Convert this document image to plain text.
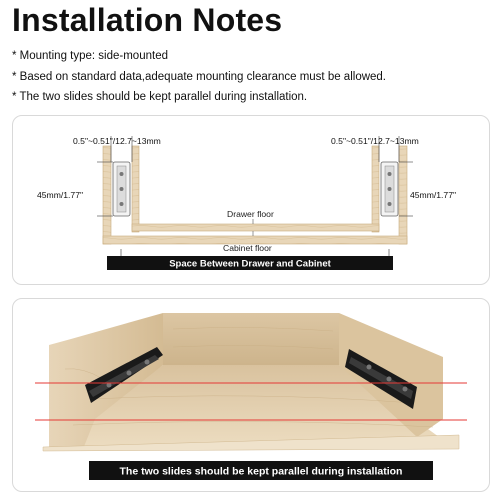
Installation Notes
* Mounting type: side-mounted
* Based on standard data,adequate mounting clearance must be allowed.
* The two slides should be kept parallel during installation.
0.5"~0.51"/12.7~13mm	0.5"~0.51"/12.7~13mm
45mm/1.77"	45mm/1.77"
Drawer floor
Cabinet floor
Space Between Drawer and Cabinet
The two slides should be kept parallel during installation
